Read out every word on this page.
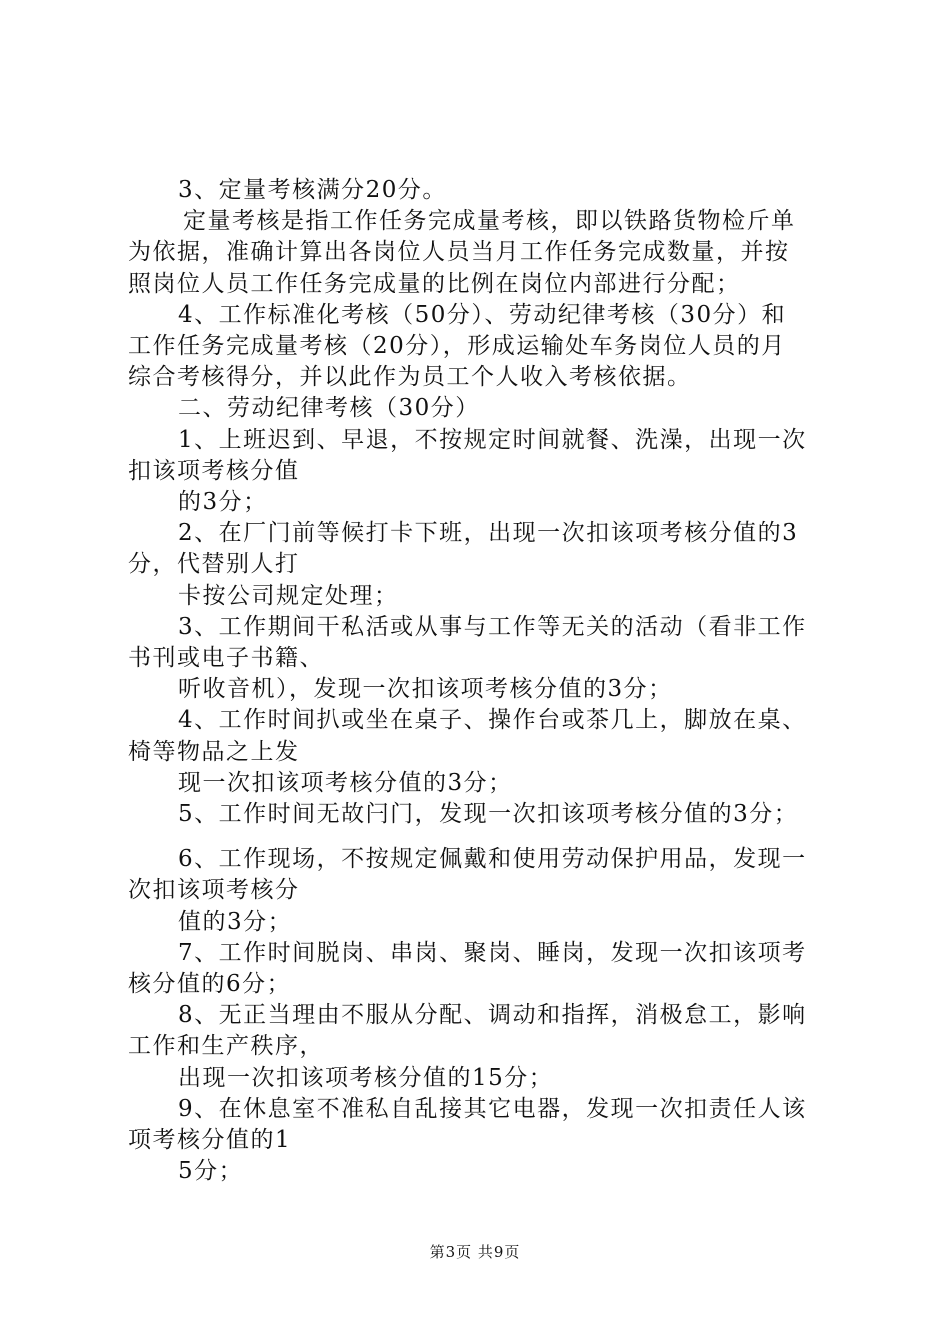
3、定量考核满分20分。
定量考核是指工作任务完成量考核，即以铁路货物检斤单
为依据，准确计算出各岗位人员当月工作任务完成数量，并按
照岗位人员工作任务完成量的比例在岗位内部进行分配；
4、工作标准化考核（50分）、劳动纪律考核（30分）和
工作任务完成量考核（20分），形成运输处车务岗位人员的月
综合考核得分，并以此作为员工个人收入考核依据。
二、劳动纪律考核（30分）
1、上班迟到、早退，不按规定时间就餐、洗澡，出现一次
扣该项考核分值
的3分；
2、在厂门前等候打卡下班，出现一次扣该项考核分值的3
分，代替别人打
卡按公司规定处理；
3、工作期间干私活或从事与工作等无关的活动（看非工作
书刊或电子书籍、
听收音机），发现一次扣该项考核分值的3分；
4、工作时间扒或坐在桌子、操作台或茶几上，脚放在桌、
椅等物品之上发
现一次扣该项考核分值的3分；
5、工作时间无故闩门，发现一次扣该项考核分值的3分；
6、工作现场，不按规定佩戴和使用劳动保护用品，发现一
次扣该项考核分
值的3分；
7、工作时间脱岗、串岗、聚岗、睡岗，发现一次扣该项考
核分值的6分；
8、无正当理由不服从分配、调动和指挥，消极怠工，影响
工作和生产秩序，
出现一次扣该项考核分值的15分；
9、在休息室不准私自乱接其它电器，发现一次扣责任人该
项考核分值的1
5分；
第3页 共9页
